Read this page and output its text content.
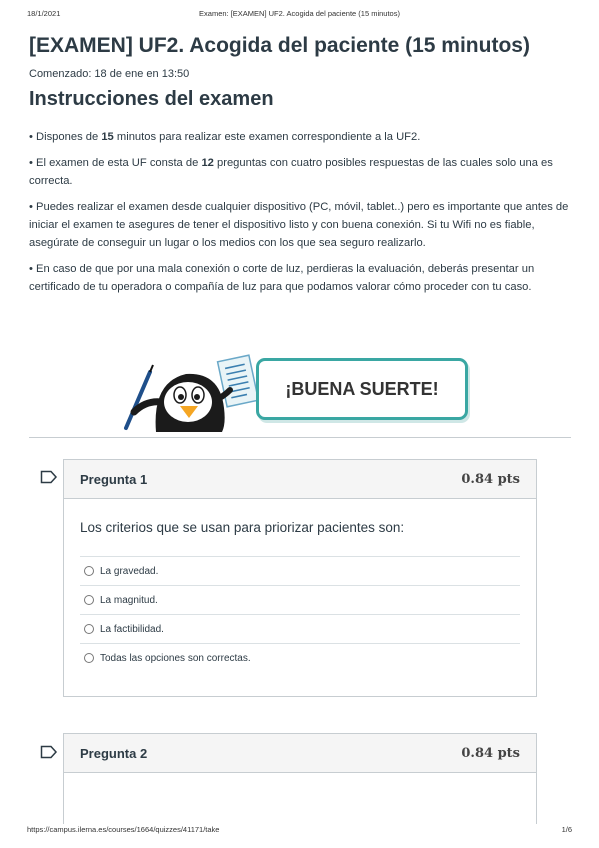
18/1/2021	Examen: [EXAMEN] UF2. Acogida del paciente (15 minutos)
[EXAMEN] UF2. Acogida del paciente (15 minutos)
Comenzado: 18 de ene en 13:50
Instrucciones del examen

• Dispones de 15 minutos para realizar este examen correspondiente a la UF2.

• El examen de esta UF consta de 12 preguntas con cuatro posibles respuestas de las cuales solo una es correcta.

• Puedes realizar el examen desde cualquier dispositivo (PC, móvil, tablet..) pero es importante que antes de iniciar el examen te asegures de tener el dispositivo listo y con buena conexión. Si tu Wifi no es fiable, asegúrate de conseguir un lugar o los medios con los que sea seguro realizarlo.

• En caso de que por una mala conexión o corte de luz, perdieras la evaluación, deberás presentar un certificado de tu operadora o compañía de luz para que podamos valorar cómo proceder con tu caso.

¡BUENA SUERTE!
Pregunta 1	0.84 pts
Los criterios que se usan para priorizar pacientes son:
La gravedad.
La magnitud.
La factibilidad.
Todas las opciones son correctas.
Pregunta 2	0.84 pts
https://campus.ilerna.es/courses/1664/quizzes/41171/take	1/6
